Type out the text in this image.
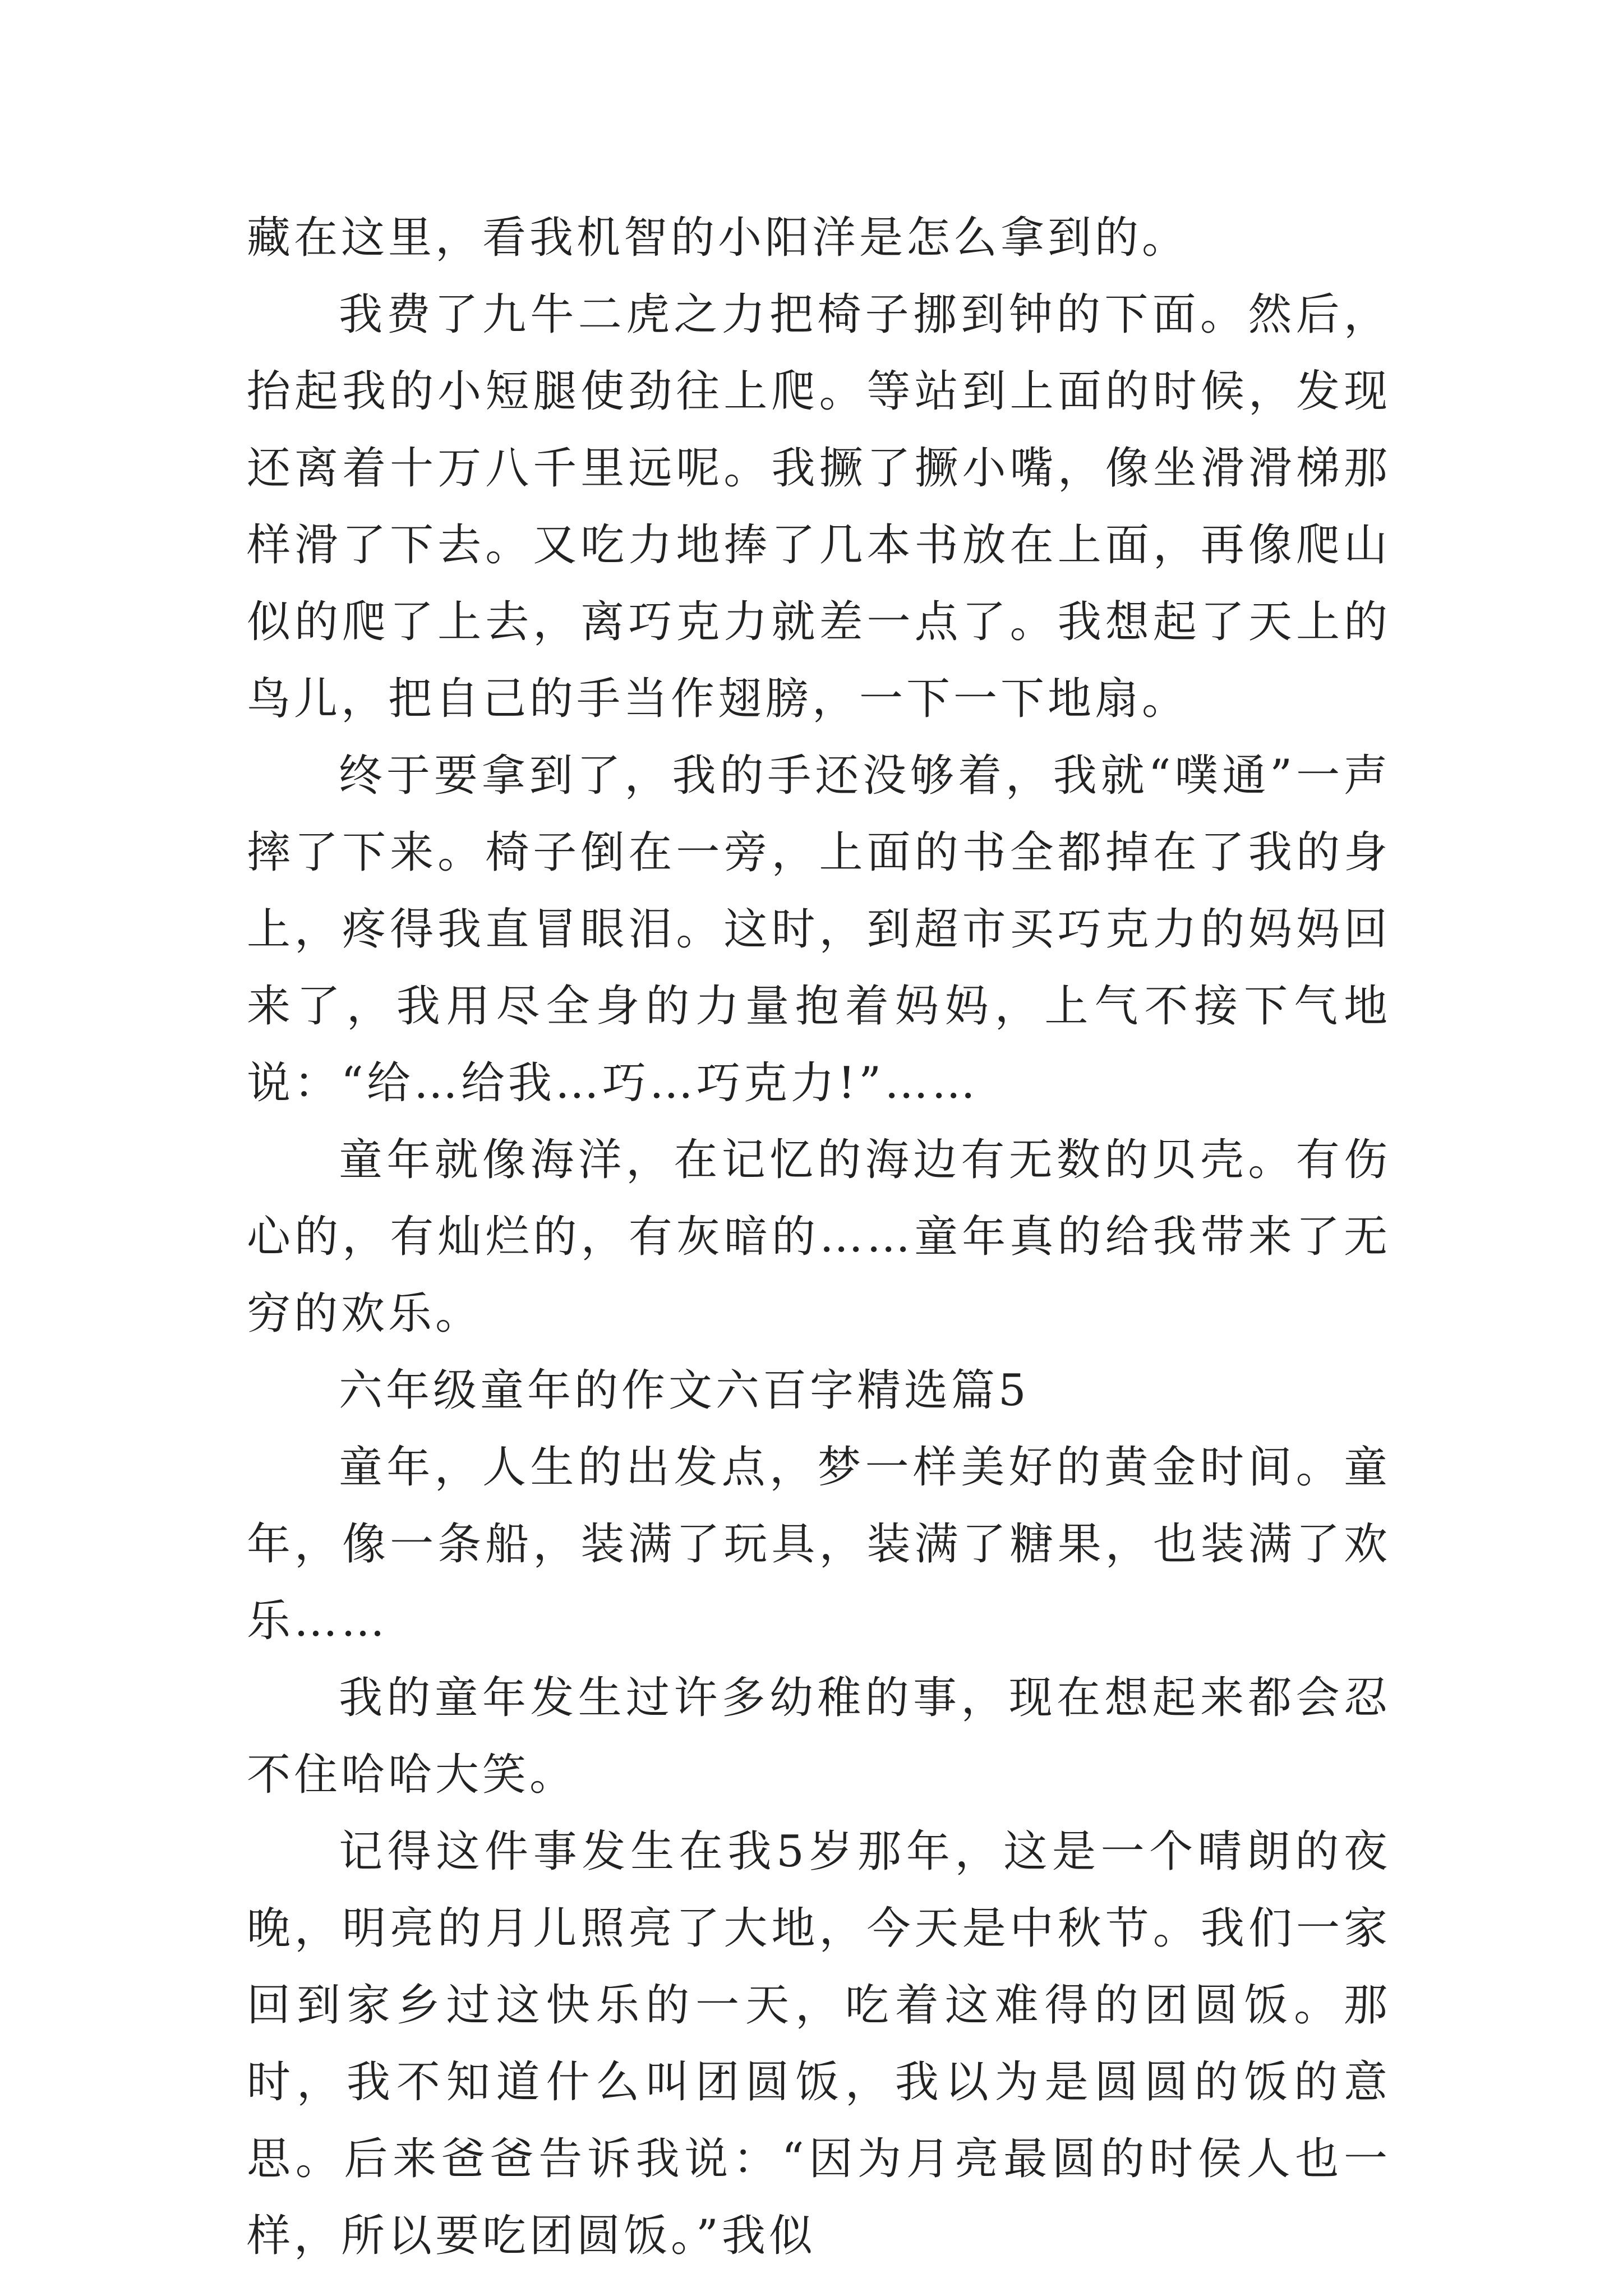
藏在这里，看我机智的小阳洋是怎么拿到的。

我费了九牛二虎之力把椅子挪到钟的下面。然后，抬起我的小短腿使劲往上爬。等站到上面的时候，发现还离着十万八千里远呢。我撅了撅小嘴，像坐滑滑梯那样滑了下去。又吃力地捧了几本书放在上面，再像爬山似的爬了上去，离巧克力就差一点了。我想起了天上的鸟儿，把自己的手当作翅膀，一下一下地扇。

终于要拿到了，我的手还没够着，我就“噗通”一声摔了下来。椅子倒在一旁，上面的书全都掉在了我的身上，疼得我直冒眼泪。这时，到超市买巧克力的妈妈回来了，我用尽全身的力量抱着妈妈，上气不接下气地说：“给…给我…巧…巧克力!”……

童年就像海洋，在记忆的海边有无数的贝壳。有伤心的，有灿烂的，有灰暗的……童年真的给我带来了无穷的欢乐。

六年级童年的作文六百字精选篇5

童年，人生的出发点，梦一样美好的黄金时间。童年，像一条船，装满了玩具，装满了糖果，也装满了欢乐……

我的童年发生过许多幼稚的事，现在想起来都会忍不住哈哈大笑。

记得这件事发生在我5岁那年，这是一个晴朗的夜晚，明亮的月儿照亮了大地，今天是中秋节。我们一家回到家乡过这快乐的一天，吃着这难得的团圆饭。那时，我不知道什么叫团圆饭，我以为是圆圆的饭的意思。后来爸爸告诉我说：“因为月亮最圆的时侯人也一样，所以要吃团圆饭。”我似
